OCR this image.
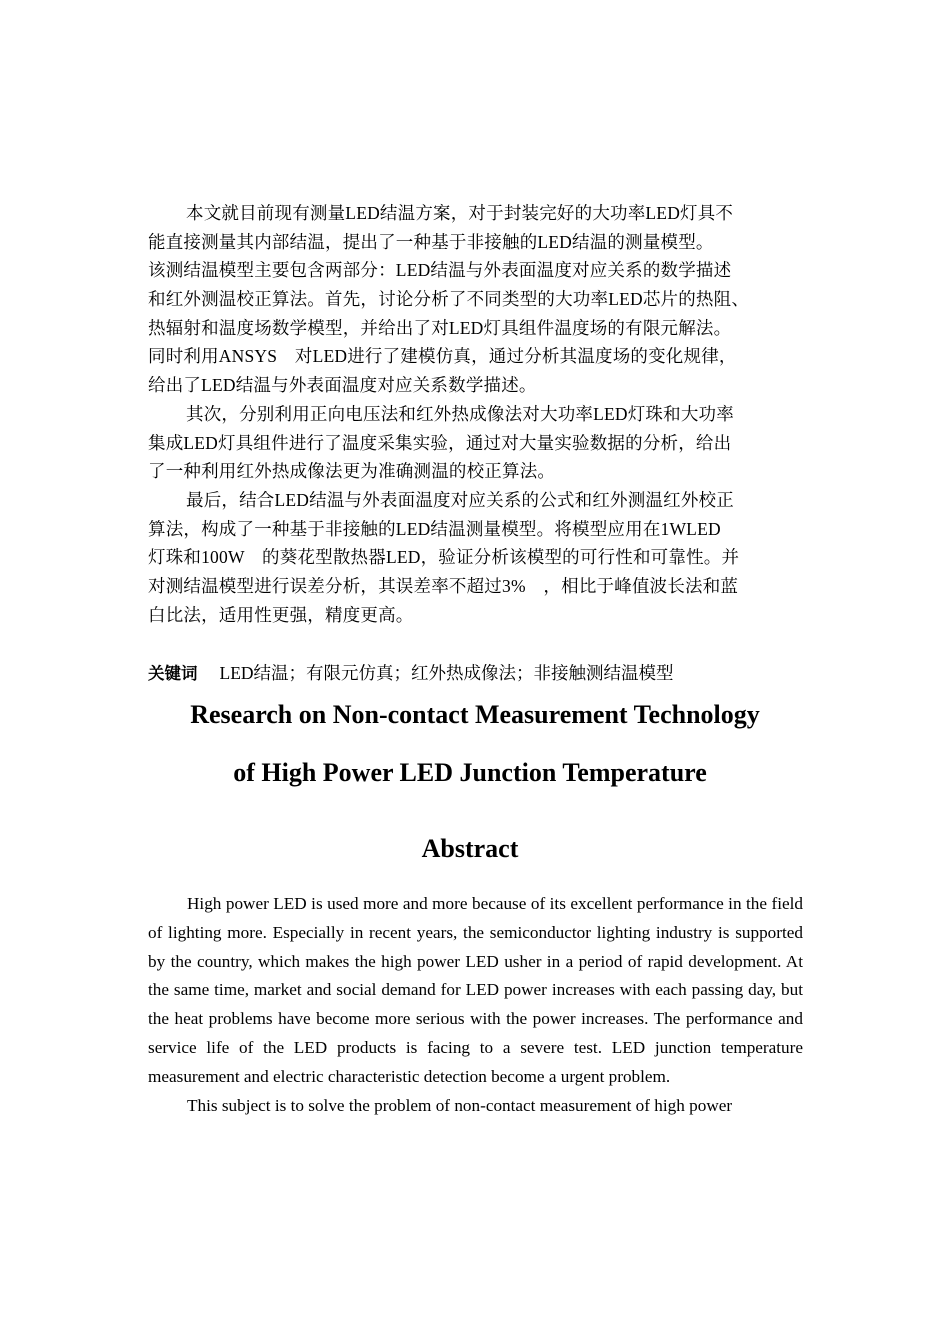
本文就目前现有测量LED结温方案，对于封装完好的大功率LED灯具不
能直接测量其内部结温，提出了一种基于非接触的LED结温的测量模型。
该测结温模型主要包含两部分：LED结温与外表面温度对应关系的数学描述
和红外测温校正算法。首先，讨论分析了不同类型的大功率LED芯片的热阻、
热辐射和温度场数学模型，并给出了对LED灯具组件温度场的有限元解法。
同时利用ANSYS　对LED进行了建模仿真，通过分析其温度场的变化规律，
给出了LED结温与外表面温度对应关系数学描述。
其次，分别利用正向电压法和红外热成像法对大功率LED灯珠和大功率
集成LED灯具组件进行了温度采集实验，通过对大量实验数据的分析，给出
了一种利用红外热成像法更为准确测温的校正算法。
最后，结合LED结温与外表面温度对应关系的公式和红外测温红外校正
算法，构成了一种基于非接触的LED结温测量模型。将模型应用在1WLED
灯珠和100W　的葵花型散热器LED，验证分析该模型的可行性和可靠性。并
对测结温模型进行误差分析，其误差率不超过3%　，相比于峰值波长法和蓝
白比法，适用性更强，精度更高。
关键词 LED结温；有限元仿真；红外热成像法；非接触测结温模型
Research on Non-contact Measurement Technology
of High Power LED Junction Temperature
Abstract

High power LED is used more and more because of its excellent performance in the field of lighting more. Especially in recent years, the semiconductor lighting industry is supported by the country, which makes the high power LED usher in a period of rapid development. At the same time, market and social demand for LED power increases with each passing day, but the heat problems have become more serious with the power increases. The performance and service life of the LED products is facing to a severe test. LED junction temperature measurement and electric characteristic detection become a urgent problem.

This subject is to solve the problem of non-contact measurement of high power
